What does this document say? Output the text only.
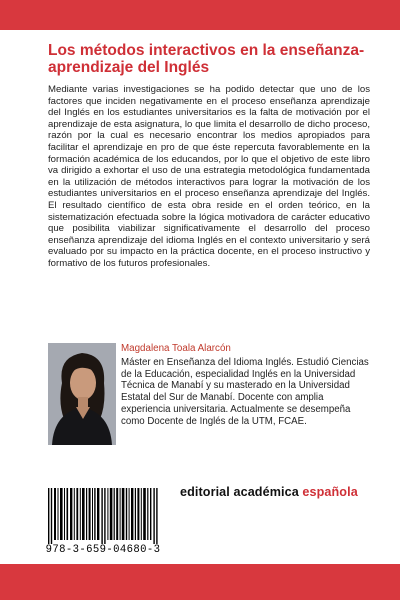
Los métodos interactivos en la enseñanza-aprendizaje del Inglés

Mediante varias investigaciones se ha podido detectar que uno de los factores que inciden negativamente en el proceso enseñanza aprendizaje del Inglés en los estudiantes universitarios es la falta de motivación por el aprendizaje de esta asignatura, lo que limita el desarrollo de dicho proceso, razón por la cual es necesario encontrar los medios apropiados para facilitar el aprendizaje en pro de que éste repercuta favorablemente en la formación académica de los educandos, por lo que el objetivo de este libro va dirigido a exhortar el uso de una estrategia metodológica fundamentada en la utilización de métodos interactivos para lograr la motivación de los estudiantes universitarios en el proceso enseñanza aprendizaje del Inglés. El resultado científico de esta obra reside en el orden teórico, en la sistematización efectuada sobre la lógica motivadora de carácter educativo que posibilita viabilizar significativamente el desarrollo del proceso enseñanza aprendizaje del idioma Inglés en el contexto universitario y será evaluado por su impacto en la práctica docente, en el proceso instructivo y formativo de los futuros profesionales.

Magdalena Toala Alarcón

Máster en Enseñanza del Idioma Inglés. Estudió Ciencias de la Educación, especialidad Inglés en la Universidad Técnica de Manabí y su masterado en la Universidad Estatal del Sur de Manabí. Docente con amplia experiencia universitaria. Actualmente se desempeña como Docente de Inglés de la UTM, FCAE.

editorial académica española
978-3-659-04680-3
